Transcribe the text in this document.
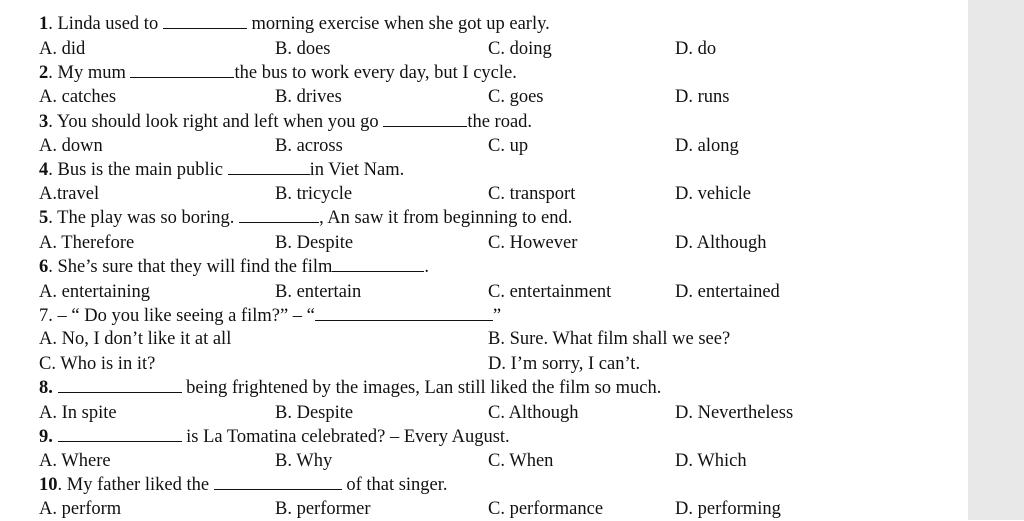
1. Linda used to	morning exercise when she got up early.
A. did	B. does	C. doing	D. do
2. My mum	the bus to work every day, but I cycle.
A. catches	B. drives	C. goes	D. runs
3. You should look right and left when you go	the road.
A. down	B. across	C. up	D. along
4. Bus is the main public	in Viet Nam.
A.travel	B. tricycle	C. transport	D. vehicle
5. The play was so boring.	, An saw it from beginning to end.
A. Therefore	B. Despite	C. However	D. Although
6. She’s sure that they will find the film	.
A. entertaining	B. entertain	C. entertainment	D. entertained
7. – “ Do you like seeing a film?” – “	”
A. No, I don’t like it at all	B. Sure. What film shall we see?
C. Who is in it?	D. I’m sorry, I can’t.
8.	being frightened by the images, Lan still liked the film so much.
A. In spite	B. Despite	C. Although	D. Nevertheless
9.	is La Tomatina celebrated? – Every August.
A. Where	B. Why	C. When	D. Which
10. My father liked the	of that singer.
A. perform	B. performer	C. performance	D. performing
